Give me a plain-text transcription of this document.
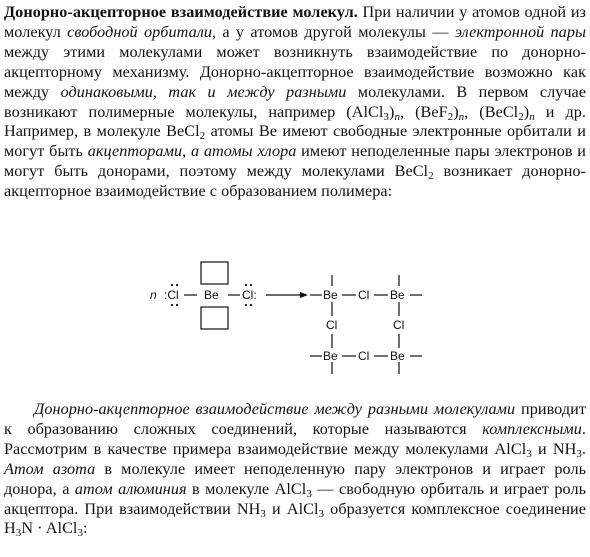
Донорно-акцепторное взаимодействие молекул. При наличии у атомов одной из молекул свободной орбитали, а у атомов другой молекулы — электронной пары между этими молекулами может возникнуть взаимодействие по донорно-акцепторному механизму. Донорно-акцепторное взаимодействие возможно как между одинаковыми, так и между разными молекулами. В первом случае возникают полимерные молекулы, например $(AlCl_3)_n$, $(BeF_2)_n$, $(BeCl_2)_n$ и др. Например, в молекуле BeCl$_2$ атомы Be имеют свободные электронные орбитали и могут быть акцепторами, а атомы хлора имеют неподеленные пары электронов и могут быть донорами, поэтому между молекулами BeCl$_2$ возникает донорно-акцепторное взаимодействие с образованием полимера:

n :Cl Be Cl:	Be Cl Be
Cl	Cl
Be Cl Be

Донорно-акцепторное взаимодействие между разными молекулами приводит к образованию сложных соединений, которые называются комплексными. Рассмотрим в качестве примера взаимодействие между молекулами AlCl$_3$ и $NH_3$. Атом азота в молекуле имеет неподеленную пару электронов и играет роль донора, а атом алюминия в молекуле AlCl$_3$ — свободную орбиталь и играет роль акцептора. При взаимодействии $NH_3$ и AlCl$_3$ образуется комплексное соединение $H_3N$ · AlCl$_3$:
